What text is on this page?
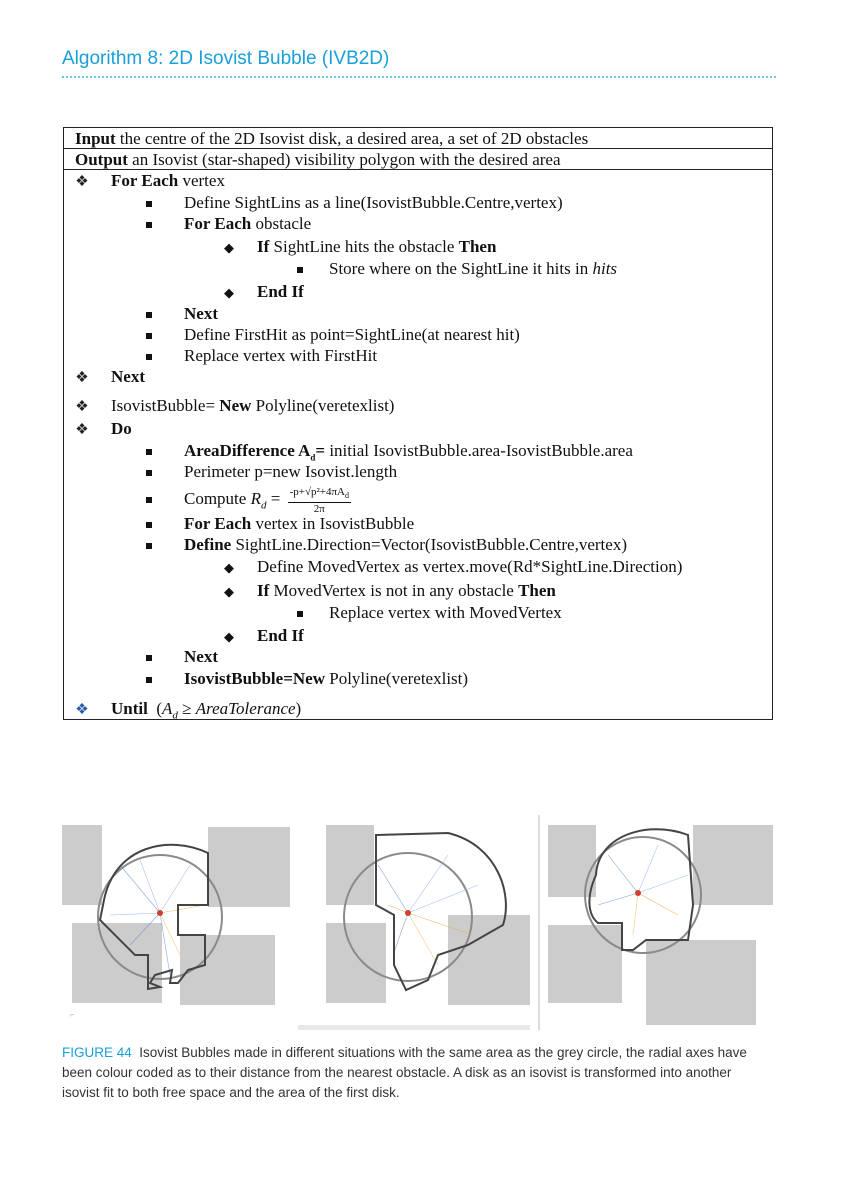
Algorithm 8: 2D Isovist Bubble (IVB2D)
Input the centre of the 2D Isovist disk, a desired area, a set of 2D obstacles
Output an Isovist (star-shaped) visibility polygon with the desired area
❖ For Each vertex
Define SightLins as a line(IsovistBubble.Centre,vertex)
For Each obstacle
◆ If SightLine hits the obstacle Then
Store where on the SightLine it hits in hits
◆ End If
Next
Define FirstHit as point=SightLine(at nearest hit)
Replace vertex with FirstHit
❖ Next
❖ IsovistBubble= New Polyline(veretexlist)
❖ Do
AreaDifference $A_d=$ initial IsovistBubble.area-IsovistBubble.area
Perimeter p=new Isovist.length
Compute $R_d = \frac{-p+√p^2+4\pi A_d}{2\pi}$
For Each vertex in IsovistBubble
Define SightLine.Direction=Vector(IsovistBubble.Centre,vertex)
◆ Define MovedVertex as vertex.move(Rd*SightLine.Direction)
◆ If MovedVertex is not in any obstacle Then
Replace vertex with MovedVertex
◆ End If
Next
IsovistBubble=New Polyline(veretexlist)
❖ Until ($A_d$ ≥ AreaTolerance)
⌐
FIGURE 44 Isovist Bubbles made in different situations with the same area as the grey circle, the radial axes have been colour coded as to their distance from the nearest obstacle. A disk as an isovist is transformed into another isovist fit to both free space and the area of the first disk.
